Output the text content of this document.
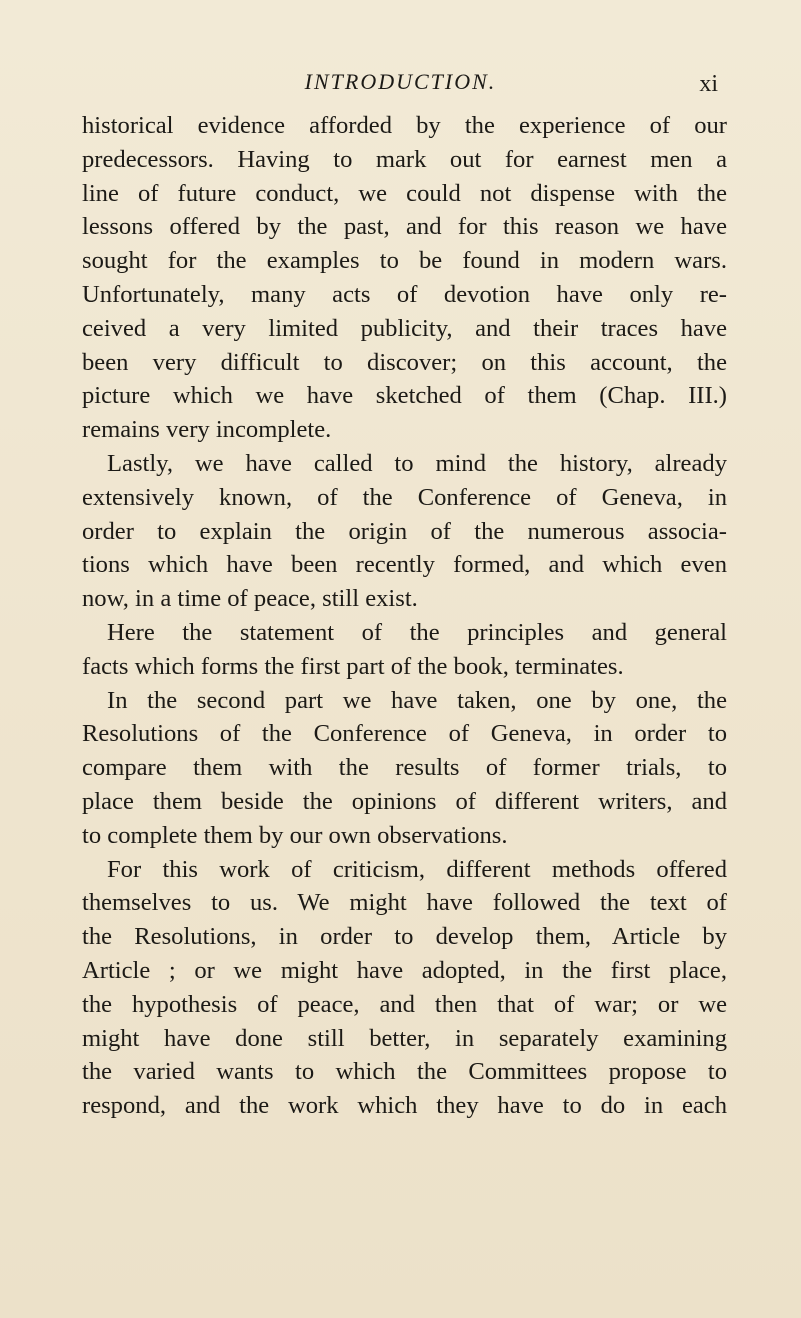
INTRODUCTION.	xi
historical evidence afforded by the experience of our
predecessors. Having to mark out for earnest men a
line of future conduct, we could not dispense with the
lessons offered by the past, and for this reason we have
sought for the examples to be found in modern wars.
Unfortunately, many acts of devotion have only re-
ceived a very limited publicity, and their traces have
been very difficult to discover; on this account, the
picture which we have sketched of them (Chap. III.)
remains very incomplete.
Lastly, we have called to mind the history, already
extensively known, of the Conference of Geneva, in
order to explain the origin of the numerous associa-
tions which have been recently formed, and which even
now, in a time of peace, still exist.
Here the statement of the principles and general
facts which forms the first part of the book, terminates.
In the second part we have taken, one by one, the
Resolutions of the Conference of Geneva, in order to
compare them with the results of former trials, to
place them beside the opinions of different writers, and
to complete them by our own observations.
For this work of criticism, different methods offered
themselves to us. We might have followed the text of
the Resolutions, in order to develop them, Article by
Article ; or we might have adopted, in the first place,
the hypothesis of peace, and then that of war; or we
might have done still better, in separately examining
the varied wants to which the Committees propose to
respond, and the work which they have to do in each
